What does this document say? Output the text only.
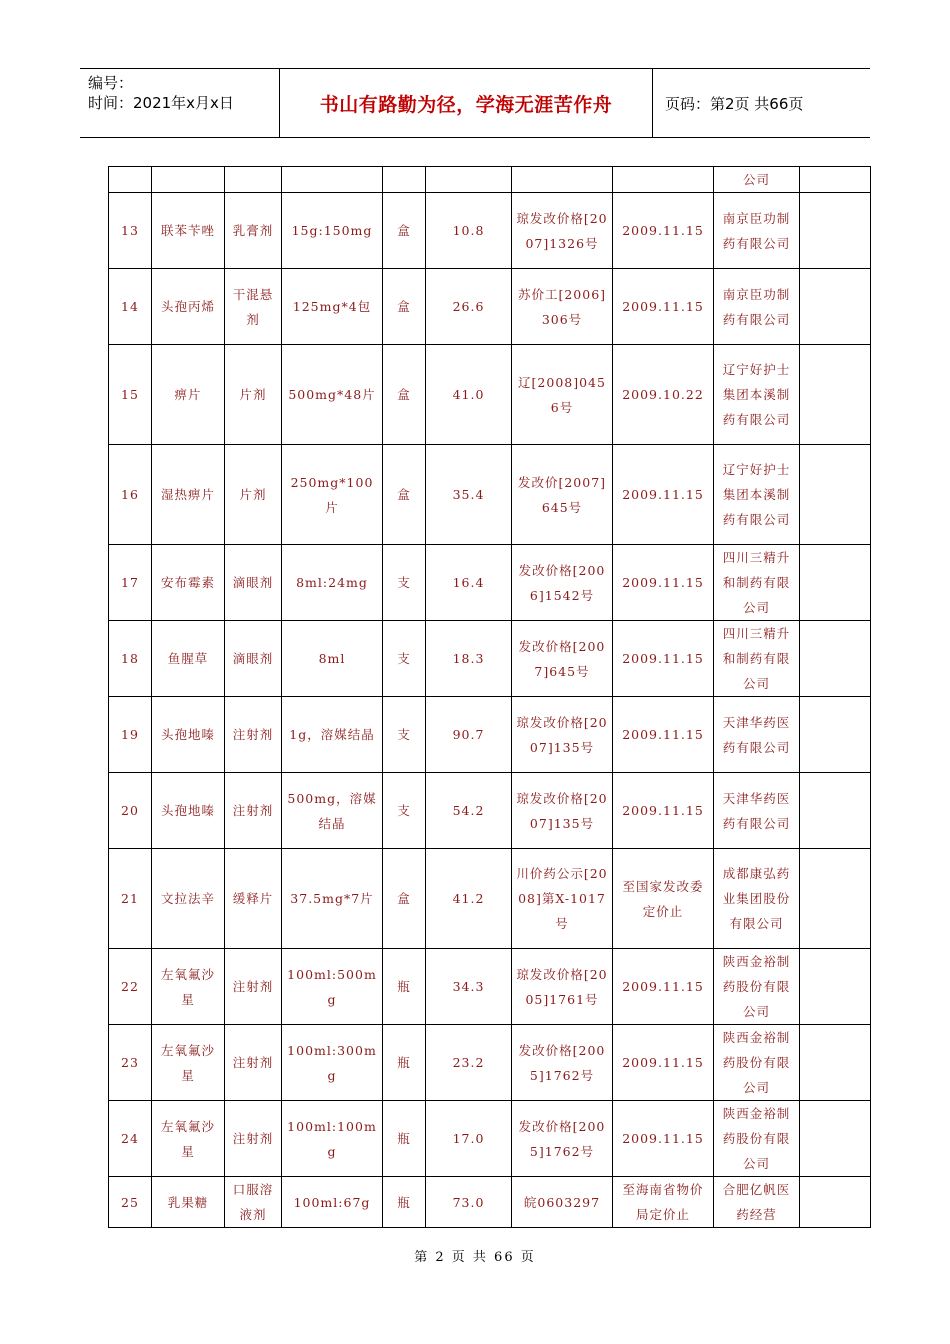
编号：
时间：2021年x月x日	书山有路勤为径，学海无涯苦作舟	页码：第2页 共66页
								公司	
13	联苯苄唑	乳膏剂	15g:150mg	盒	10.8	琼发改价格[2007]1326号	2009.11.15	南京臣功制药有限公司	
14	头孢丙烯	干混悬剂	125mg*4包	盒	26.6	苏价工[2006]306号	2009.11.15	南京臣功制药有限公司	
15	痹片	片剂	500mg*48片	盒	41.0	辽[2008]0456号	2009.10.22	辽宁好护士集团本溪制药有限公司	
16	湿热痹片	片剂	250mg*100片	盒	35.4	发改价[2007]645号	2009.11.15	辽宁好护士集团本溪制药有限公司	
17	安布霉素	滴眼剂	8ml:24mg	支	16.4	发改价格[2006]1542号	2009.11.15	四川三精升和制药有限公司	
18	鱼腥草	滴眼剂	8ml	支	18.3	发改价格[2007]645号	2009.11.15	四川三精升和制药有限公司	
19	头孢地嗪	注射剂	1g，溶媒结晶	支	90.7	琼发改价格[2007]135号	2009.11.15	天津华药医药有限公司	
20	头孢地嗪	注射剂	500mg，溶媒结晶	支	54.2	琼发改价格[2007]135号	2009.11.15	天津华药医药有限公司	
21	文拉法辛	缓释片	37.5mg*7片	盒	41.2	川价药公示[2008]第X-1017号	至国家发改委定价止	成都康弘药业集团股份有限公司	
22	左氧氟沙星	注射剂	100ml:500mg	瓶	34.3	琼发改价格[2005]1761号	2009.11.15	陕西金裕制药股份有限公司	
23	左氧氟沙星	注射剂	100ml:300mg	瓶	23.2	发改价格[2005]1762号	2009.11.15	陕西金裕制药股份有限公司	
24	左氧氟沙星	注射剂	100ml:100mg	瓶	17.0	发改价格[2005]1762号	2009.11.15	陕西金裕制药股份有限公司	
25	乳果糖	口服溶液剂	100ml:67g	瓶	73.0	皖0603297	至海南省物价局定价止	合肥亿帆医药经营	
第 2 页 共 66 页
